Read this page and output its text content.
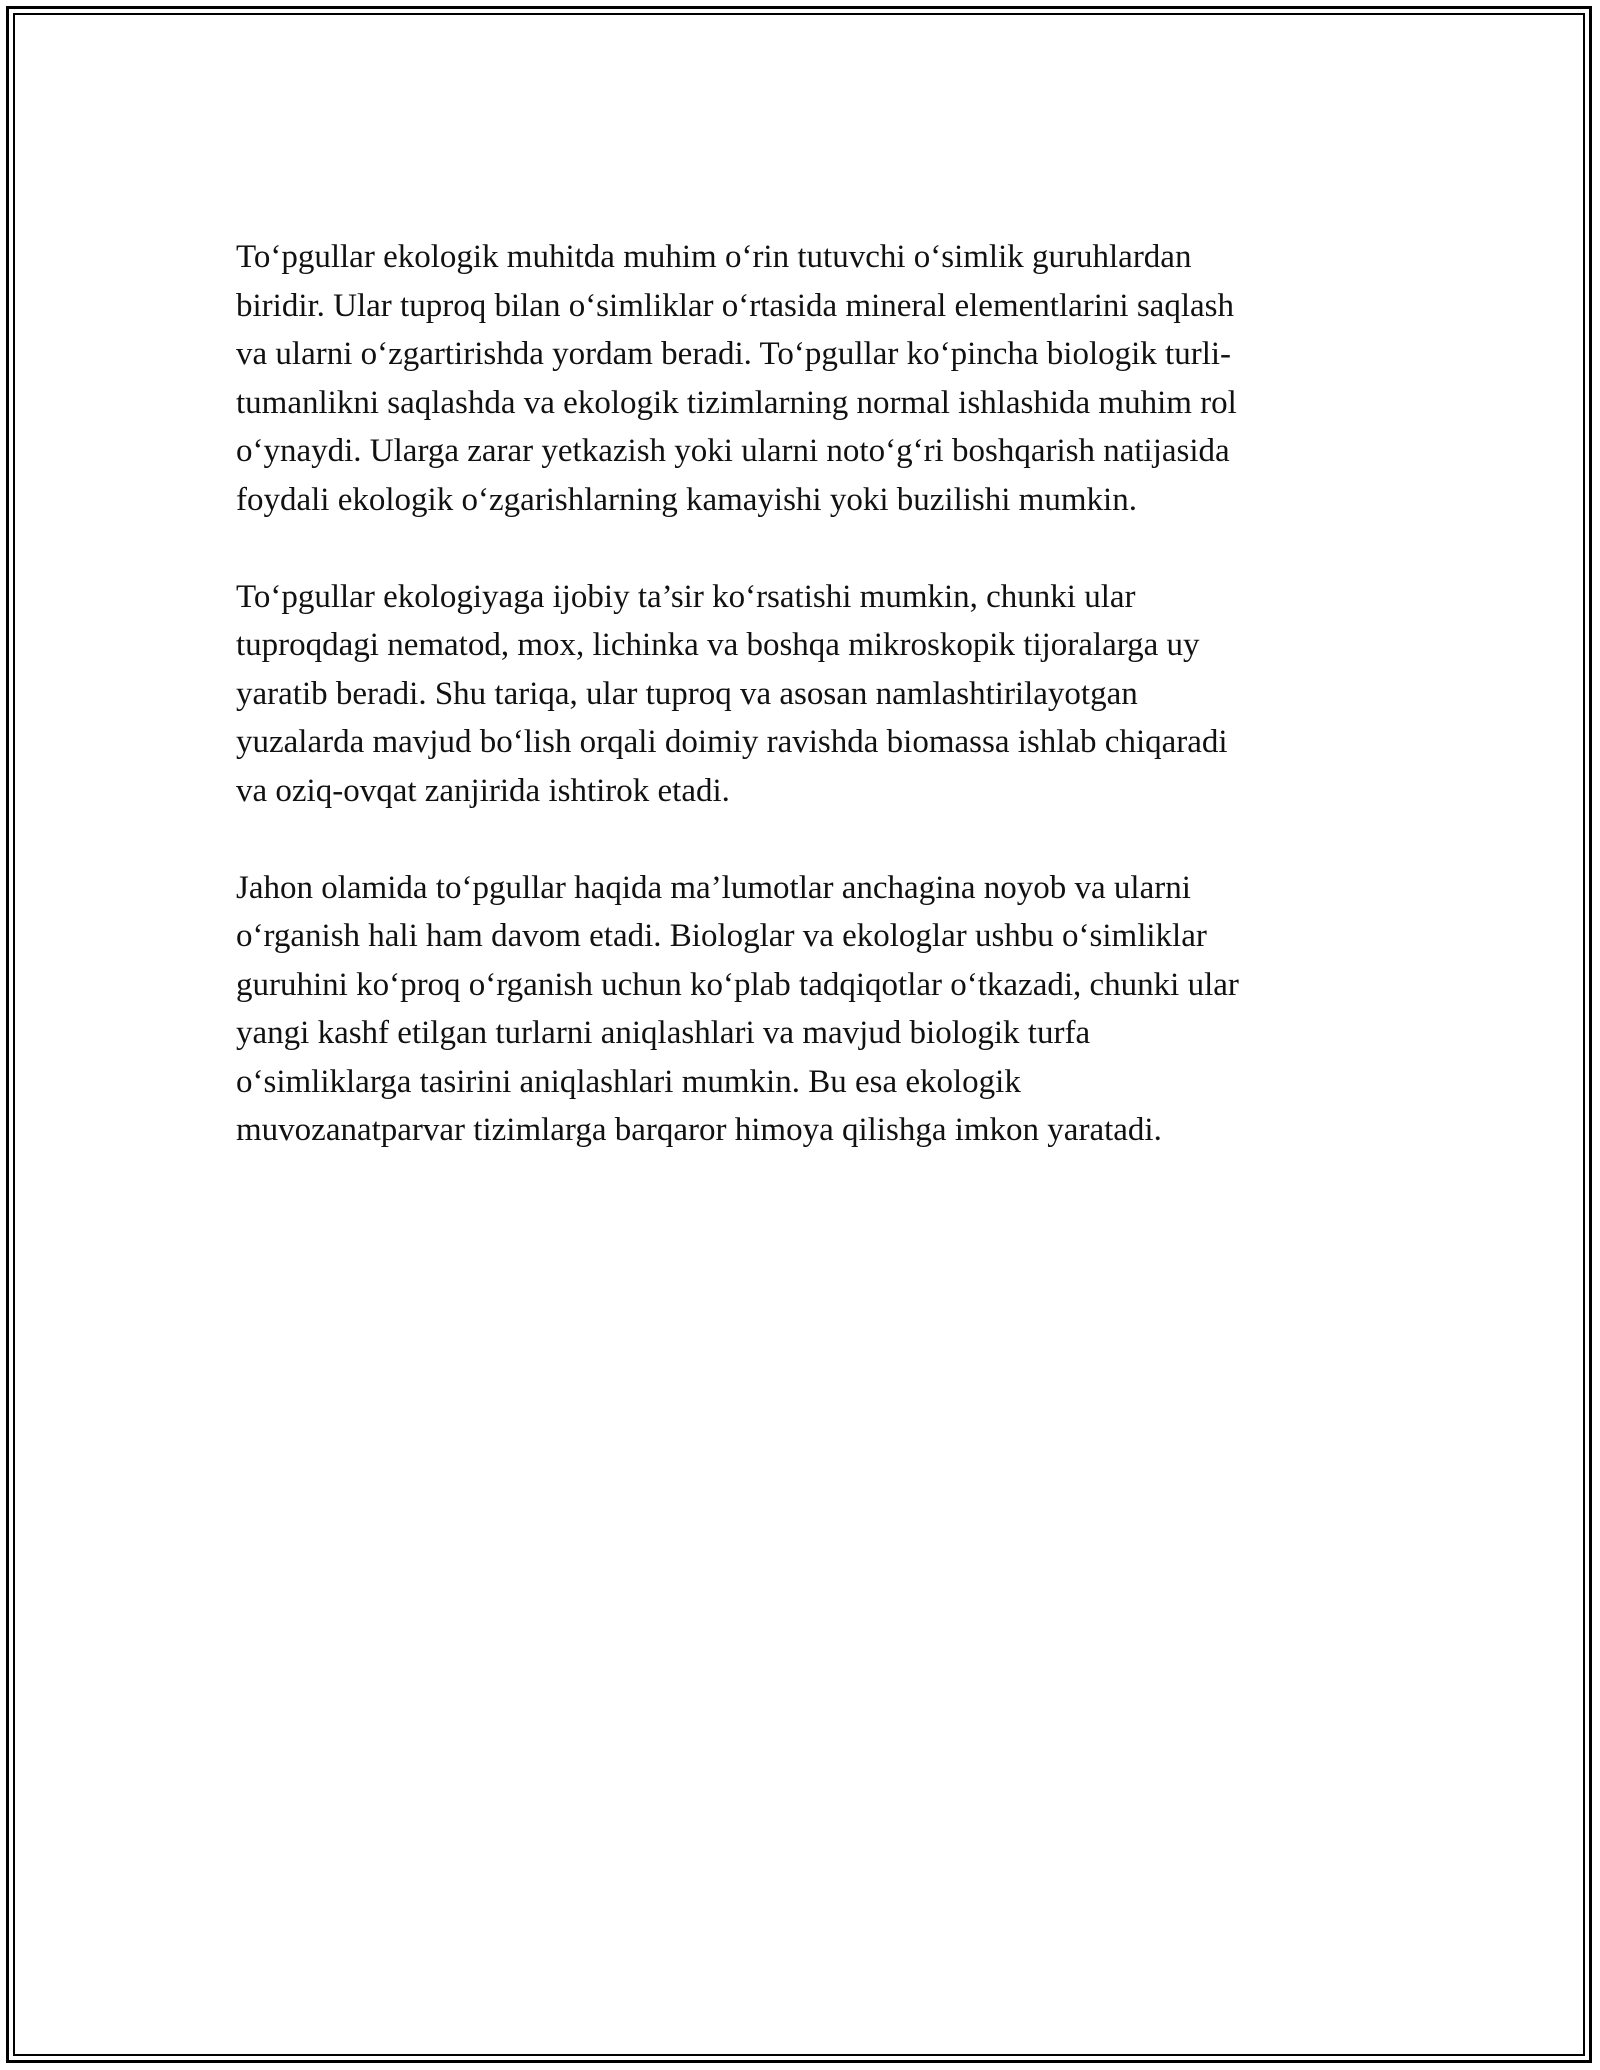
To‘pgullar ekologik muhitda muhim o‘rin tutuvchi o‘simlik guruhlardan
biridir. Ular tuproq bilan o‘simliklar o‘rtasida mineral elementlarini saqlash
va ularni o‘zgartirishda yordam beradi. To‘pgullar ko‘pincha biologik turli-
tumanlikni saqlashda va ekologik tizimlarning normal ishlashida muhim rol
o‘ynaydi. Ularga zarar yetkazish yoki ularni noto‘g‘ri boshqarish natijasida
foydali ekologik o‘zgarishlarning kamayishi yoki buzilishi mumkin.

To‘pgullar ekologiyaga ijobiy ta’sir ko‘rsatishi mumkin, chunki ular
tuproqdagi nematod, mox, lichinka va boshqa mikroskopik tijoralarga uy
yaratib beradi. Shu tariqa, ular tuproq va asosan namlashtirilayotgan
yuzalarda mavjud bo‘lish orqali doimiy ravishda biomassa ishlab chiqaradi
va oziq-ovqat zanjirida ishtirok etadi.

Jahon olamida to‘pgullar haqida ma’lumotlar anchagina noyob va ularni
o‘rganish hali ham davom etadi. Biologlar va ekologlar ushbu o‘simliklar
guruhini ko‘proq o‘rganish uchun ko‘plab tadqiqotlar o‘tkazadi, chunki ular
yangi kashf etilgan turlarni aniqlashlari va mavjud biologik turfa
o‘simliklarga tasirini aniqlashlari mumkin. Bu esa ekologik
muvozanatparvar tizimlarga barqaror himoya qilishga imkon yaratadi.
